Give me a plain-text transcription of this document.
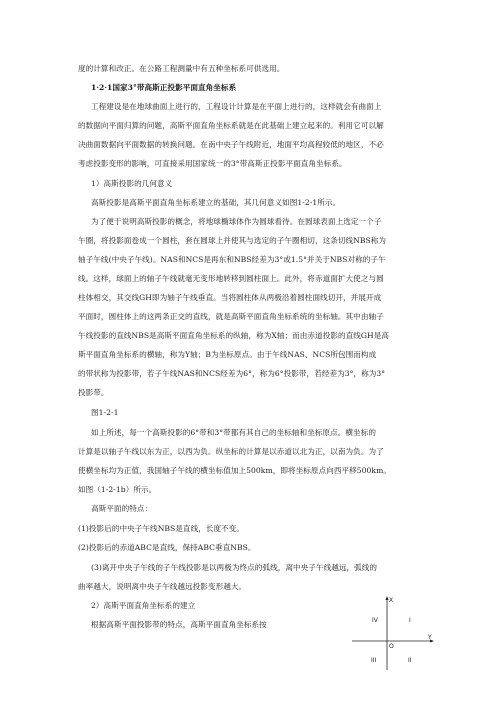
度的计算和改正。在公路工程测量中有五种坐标系可供选用。
1·2·1国家3°带高斯正投影平面直角坐标系
工程建设是在地球曲面上进行的，工程设计计算是在平面上进行的，这样就会有曲面上
的数据向平面归算的问题，高斯平面直角坐标系就是在此基础上建立起来的。利用它可以解
决曲面数据向平面数据的转换问题。在南中央子午线附近，地面平均高程较低的地区，不必
考虑投影变形的影响，可直接采用国家统一的3°带高斯正投影平面直角坐标系。
1）高斯投影的几何意义
高斯投影是高斯平面直角坐标系建立的基础，其几何意义如图1-2-1所示。
为了便于说明高斯投影的概念，将地球椭球体作为圆球看待。在圆球表面上选定一个子
午圈，将投影面卷成一个圆柱，套在圆球上并使其与选定的子午圈相切，这条切线NBS称为
轴子午线(中央子午线)。NAS和NCS是再东和NBS经差为3°或1.5°并关于NBS对称的子午
线。这样，球面上的轴子午线就毫无变形地转移到圆柱面上。此外，将赤道面扩大使之与圆
柱体相交，其交线GH即为轴子午线垂直。当将圆柱体从两极沿着圆柱面线切开，并展开成
平面时，圆柱体上的这两条正交的直线，就是高斯平面直角坐标系统的坐标轴。其中由轴子
午线投影的直线NBS是高斯平面直角坐标系的纵轴，称为X轴；而由赤道投影的直线GH是高
斯平面直角坐标系的横轴，称为Y轴；B为坐标原点。由于午线NAS、NCS所包围而构成
的带状称为投影带，若子午线NAS和NCS经差为6°，称为6°投影带，若经差为3°，称为3°
投影带。
图1-2-1
如上所述，每一个高斯投影的6°带和3°带都有其自己的坐标轴和坐标原点。横坐标的
计算是以轴子午线以东为正，以西为负。纵坐标的计算是以赤道以北为正，以南为负。为了
使横坐标均为正值，我国轴子午线的横坐标值加上500km，即将坐标原点向西平移500km。
如图（1-2-1b）所示。
高斯平面的特点：
(1)投影后的中央子午线NBS是直线，长度不变。
(2)投影后的赤道ABC是直线，保持ABC垂直NBS。
(3)离开中央子午线的子午线投影是以两极为终点的弧线，离中央子午线越远，弧线的
曲率越大，说明离中央子午线越远投影变形越大。
2）高斯平面直角坐标系的建立
根据高斯平面投影带的特点，高斯平面直角坐标系按
X
Y
O
IV	I
III	II
